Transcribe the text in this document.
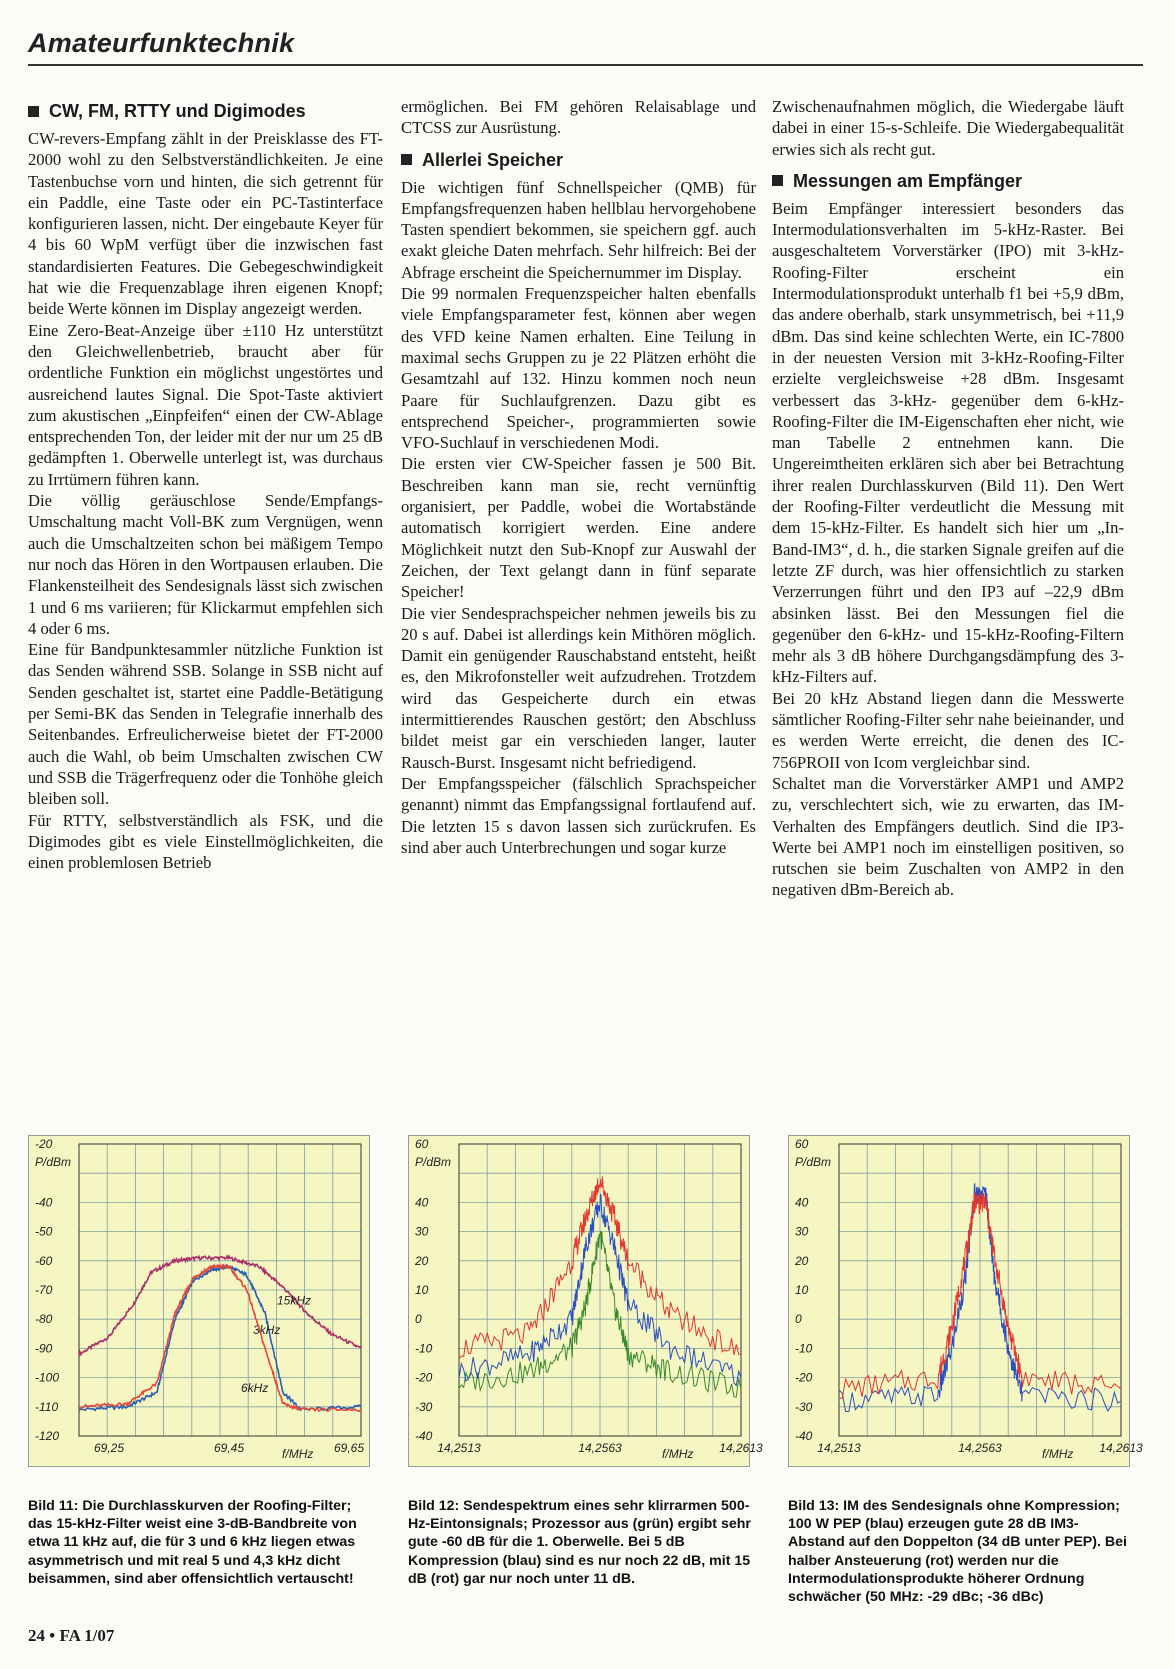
Amateurfunktechnik
CW, FM, RTTY und Digimodes

CW-revers-Empfang zählt in der Preisklasse des FT-2000 wohl zu den Selbstverständlichkeiten. Je eine Tastenbuchse vorn und hinten, die sich getrennt für ein Paddle, eine Taste oder ein PC-Tastinterface konfigurieren lassen, nicht. Der eingebaute Keyer für 4 bis 60 WpM verfügt über die inzwischen fast standardisierten Features. Die Gebegeschwindigkeit hat wie die Frequenzablage ihren eigenen Knopf; beide Werte können im Display angezeigt werden.

Eine Zero-Beat-Anzeige über ±110 Hz unterstützt den Gleichwellenbetrieb, braucht aber für ordentliche Funktion ein möglichst ungestörtes und ausreichend lautes Signal. Die Spot-Taste aktiviert zum akustischen „Einpfeifen“ einen der CW-Ablage entsprechenden Ton, der leider mit der nur um 25 dB gedämpften 1. Oberwelle unterlegt ist, was durchaus zu Irrtümern führen kann.

Die völlig geräuschlose Sende/Empfangs-Umschaltung macht Voll-BK zum Vergnügen, wenn auch die Umschaltzeiten schon bei mäßigem Tempo nur noch das Hören in den Wortpausen erlauben. Die Flankensteilheit des Sendesignals lässt sich zwischen 1 und 6 ms variieren; für Klickarmut empfehlen sich 4 oder 6 ms.

Eine für Bandpunktesammler nützliche Funktion ist das Senden während SSB. Solange in SSB nicht auf Senden geschaltet ist, startet eine Paddle-Betätigung per Semi-BK das Senden in Telegrafie innerhalb des Seitenbandes. Erfreulicherweise bietet der FT-2000 auch die Wahl, ob beim Umschalten zwischen CW und SSB die Trägerfrequenz oder die Tonhöhe gleich bleiben soll.

Für RTTY, selbstverständlich als FSK, und die Digimodes gibt es viele Einstellmöglichkeiten, die einen problemlosen Betrieb

ermöglichen. Bei FM gehören Relaisablage und CTCSS zur Ausrüstung.

Allerlei Speicher

Die wichtigen fünf Schnellspeicher (QMB) für Empfangsfrequenzen haben hellblau hervorgehobene Tasten spendiert bekommen, sie speichern ggf. auch exakt gleiche Daten mehrfach. Sehr hilfreich: Bei der Abfrage erscheint die Speichernummer im Display.

Die 99 normalen Frequenzspeicher halten ebenfalls viele Empfangsparameter fest, können aber wegen des VFD keine Namen erhalten. Eine Teilung in maximal sechs Gruppen zu je 22 Plätzen erhöht die Gesamtzahl auf 132. Hinzu kommen noch neun Paare für Suchlaufgrenzen. Dazu gibt es entsprechend Speicher-, programmierten sowie VFO-Suchlauf in verschiedenen Modi.

Die ersten vier CW-Speicher fassen je 500 Bit. Beschreiben kann man sie, recht vernünftig organisiert, per Paddle, wobei die Wortabstände automatisch korrigiert werden. Eine andere Möglichkeit nutzt den Sub-Knopf zur Auswahl der Zeichen, der Text gelangt dann in fünf separate Speicher!

Die vier Sendesprachspeicher nehmen jeweils bis zu 20 s auf. Dabei ist allerdings kein Mithören möglich. Damit ein genügender Rauschabstand entsteht, heißt es, den Mikrofonsteller weit aufzudrehen. Trotzdem wird das Gespeicherte durch ein etwas intermittierendes Rauschen gestört; den Abschluss bildet meist gar ein verschieden langer, lauter Rausch-Burst. Insgesamt nicht befriedigend.

Der Empfangsspeicher (fälschlich Sprachspeicher genannt) nimmt das Empfangssignal fortlaufend auf. Die letzten 15 s davon lassen sich zurückrufen. Es sind aber auch Unterbrechungen und sogar kurze

Zwischenaufnahmen möglich, die Wiedergabe läuft dabei in einer 15-s-Schleife. Die Wiedergabequalität erwies sich als recht gut.

Messungen am Empfänger

Beim Empfänger interessiert besonders das Intermodulationsverhalten im 5-kHz-Raster. Bei ausgeschaltetem Vorverstärker (IPO) mit 3-kHz-Roofing-Filter erscheint ein Intermodulationsprodukt unterhalb f1 bei +5,9 dBm, das andere oberhalb, stark unsymmetrisch, bei +11,9 dBm. Das sind keine schlechten Werte, ein IC-7800 in der neuesten Version mit 3-kHz-Roofing-Filter erzielte vergleichsweise +28 dBm. Insgesamt verbessert das 3-kHz- gegenüber dem 6-kHz-Roofing-Filter die IM-Eigenschaften eher nicht, wie man Tabelle 2 entnehmen kann. Die Ungereimtheiten erklären sich aber bei Betrachtung ihrer realen Durchlasskurven (Bild 11). Den Wert der Roofing-Filter verdeutlicht die Messung mit dem 15-kHz-Filter. Es handelt sich hier um „In-Band-IM3“, d. h., die starken Signale greifen auf die letzte ZF durch, was hier offensichtlich zu starken Verzerrungen führt und den IP3 auf –22,9 dBm absinken lässt. Bei den Messungen fiel die gegenüber den 6-kHz- und 15-kHz-Roofing-Filtern mehr als 3 dB höhere Durchgangsdämpfung des 3-kHz-Filters auf.

Bei 20 kHz Abstand liegen dann die Messwerte sämtlicher Roofing-Filter sehr nahe beieinander, und es werden Werte erreicht, die denen des IC-756PROII von Icom vergleichbar sind.

Schaltet man die Vorverstärker AMP1 und AMP2 zu, verschlechtert sich, wie zu erwarten, das IM-Verhalten des Empfängers deutlich. Sind die IP3-Werte bei AMP1 noch im einstelligen positiven, so rutschen sie beim Zuschalten von AMP2 in den negativen dBm-Bereich ab.

-20
-40
-50
-60
-70
-80
-90
-100
-110
-120
P/dBm
69,25	69,45	69,65
f/MHz
15kHz
3kHz
6kHz
60
40
30
20
10
0
-10
-20
-30
-40
P/dBm
14,2513	14,2563	14,2613
f/MHz
60
40
30
20
10
0
-10
-20
-30
-40
P/dBm
14,2513	14,2563	14,2613
f/MHz
Bild 11: Die Durchlasskurven der Roofing-Filter; das 15-kHz-Filter weist eine 3-dB-Bandbreite von etwa 11 kHz auf, die für 3 und 6 kHz liegen etwas asymmetrisch und mit real 5 und 4,3 kHz dicht beisammen, sind aber offensichtlich vertauscht!
Bild 12: Sendespektrum eines sehr klirrarmen 500-Hz-Eintonsignals; Prozessor aus (grün) ergibt sehr gute -60 dB für die 1. Oberwelle. Bei 5 dB Kompression (blau) sind es nur noch 22 dB, mit 15 dB (rot) gar nur noch unter 11 dB.
Bild 13: IM des Sendesignals ohne Kompression; 100 W PEP (blau) erzeugen gute 28 dB IM3-Abstand auf den Doppelton (34 dB unter PEP). Bei halber Ansteuerung (rot) werden nur die Intermodulationsprodukte höherer Ordnung schwächer (50 MHz: -29 dBc; -36 dBc)
24 • FA 1/07
